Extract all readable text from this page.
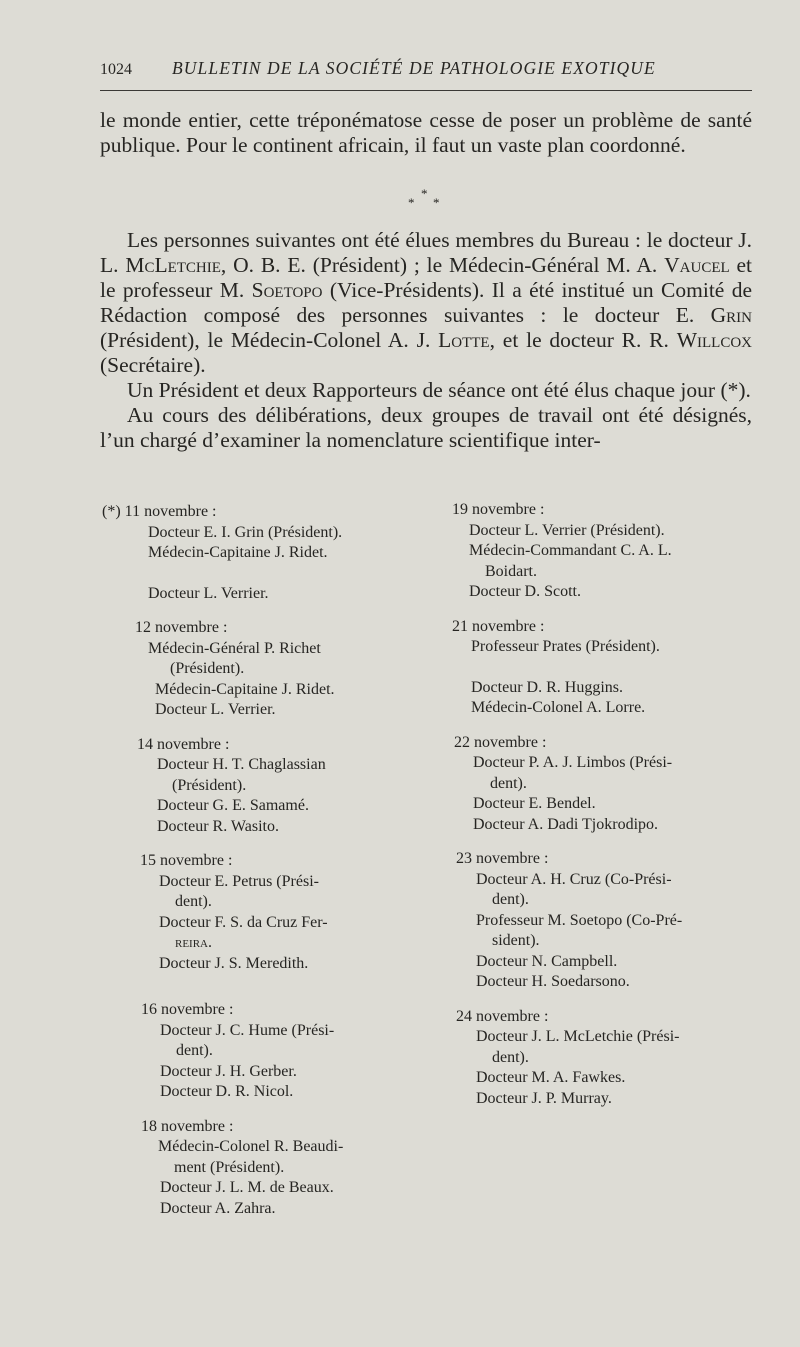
1024 BULLETIN DE LA SOCIÉTÉ DE PATHOLOGIE EXOTIQUE

le monde entier, cette tréponématose cesse de poser un problème de santé publique. Pour le continent africain, il faut un vaste plan coordonné.

*
* *

Les personnes suivantes ont été élues membres du Bureau : le docteur J. L. McLetchie, O. B. E. (Président) ; le Médecin-Général M. A. Vaucel et le professeur M. Soetopo (Vice-Présidents). Il a été institué un Comité de Rédaction composé des personnes suivantes : le docteur E. Grin (Président), le Médecin-Colonel A. J. Lotte, et le docteur R. R. Willcox (Secrétaire).

Un Président et deux Rapporteurs de séance ont été élus chaque jour (*).

Au cours des délibérations, deux groupes de travail ont été désignés, l’un chargé d’examiner la nomenclature scientifique inter-

(*) 11 novembre :

Docteur E. I. Grin (Président).

Médecin-Capitaine J. Ridet.

Docteur L. Verrier.

12 novembre :

Médecin-Général P. Richet

(Président).

Médecin-Capitaine J. Ridet.

Docteur L. Verrier.

14 novembre :

Docteur H. T. Chaglassian

(Président).

Docteur G. E. Samamé.

Docteur R. Wasito.

15 novembre :

Docteur E. Petrus (Prési-

dent).

Docteur F. S. da Cruz Fer-

reira.

Docteur J. S. Meredith.

16 novembre :

Docteur J. C. Hume (Prési-

dent).

Docteur J. H. Gerber.

Docteur D. R. Nicol.

18 novembre :

Médecin-Colonel R. Beaudi-

ment (Président).

Docteur J. L. M. de Beaux.

Docteur A. Zahra.

19 novembre :

Docteur L. Verrier (Président).

Médecin-Commandant C. A. L.

Boidart.

Docteur D. Scott.

21 novembre :

Professeur Prates (Président).

Docteur D. R. Huggins.

Médecin-Colonel A. Lorre.

22 novembre :

Docteur P. A. J. Limbos (Prési-

dent).

Docteur E. Bendel.

Docteur A. Dadi Tjokrodipo.

23 novembre :

Docteur A. H. Cruz (Co-Prési-

dent).

Professeur M. Soetopo (Co-Pré-

sident).

Docteur N. Campbell.

Docteur H. Soedarsono.

24 novembre :

Docteur J. L. McLetchie (Prési-

dent).

Docteur M. A. Fawkes.

Docteur J. P. Murray.
